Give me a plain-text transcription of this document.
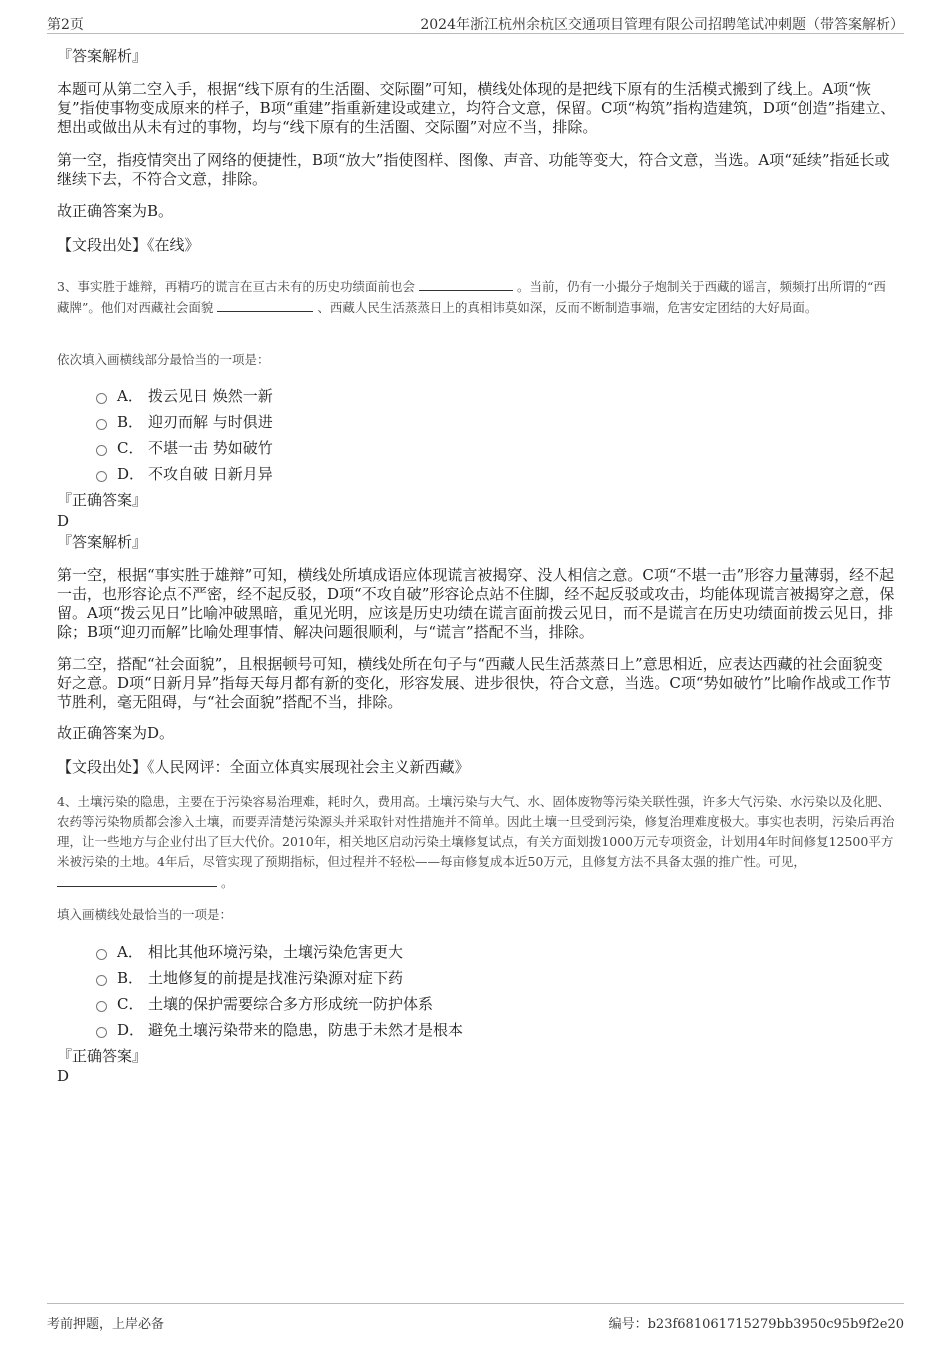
第2页	2024年浙江杭州余杭区交通项目管理有限公司招聘笔试冲刺题（带答案解析）
『答案解析』
本题可从第二空入手，根据“线下原有的生活圈、交际圈”可知，横线处体现的是把线下原有的生活模式搬到了线上。A项“恢复”指使事物变成原来的样子，B项“重建”指重新建设或建立，均符合文意，保留。C项“构筑”指构造建筑，D项“创造”指建立、想出或做出从未有过的事物，均与“线下原有的生活圈、交际圈”对应不当，排除。
第一空，指疫情突出了网络的便捷性，B项“放大”指使图样、图像、声音、功能等变大，符合文意，当选。A项“延续”指延长或继续下去，不符合文意，排除。
故正确答案为B。
【文段出处】《在线》
3、事实胜于雄辩，再精巧的谎言在亘古未有的历史功绩面前也会	。当前，仍有一小撮分子炮制关于西藏的谣言，频频打出所谓的“西藏牌”。他们对西藏社会面貌	、西藏人民生活蒸蒸日上的真相讳莫如深，反而不断制造事端，危害安定团结的大好局面。
依次填入画横线部分最恰当的一项是：
A． 拨云见日 焕然一新
B． 迎刃而解 与时俱进
C． 不堪一击 势如破竹
D． 不攻自破 日新月异
『正确答案』
D
『答案解析』
第一空，根据“事实胜于雄辩”可知，横线处所填成语应体现谎言被揭穿、没人相信之意。C项“不堪一击”形容力量薄弱，经不起一击，也形容论点不严密，经不起反驳，D项“不攻自破”形容论点站不住脚，经不起反驳或攻击，均能体现谎言被揭穿之意，保留。A项“拨云见日”比喻冲破黑暗，重见光明，应该是历史功绩在谎言面前拨云见日，而不是谎言在历史功绩面前拨云见日，排除；B项“迎刃而解”比喻处理事情、解决问题很顺利，与“谎言”搭配不当，排除。
第二空，搭配“社会面貌”，且根据顿号可知，横线处所在句子与“西藏人民生活蒸蒸日上”意思相近，应表达西藏的社会面貌变好之意。D项“日新月异”指每天每月都有新的变化，形容发展、进步很快，符合文意，当选。C项“势如破竹”比喻作战或工作节节胜利，毫无阻碍，与“社会面貌”搭配不当，排除。
故正确答案为D。
【文段出处】《人民网评：全面立体真实展现社会主义新西藏》
4、土壤污染的隐患，主要在于污染容易治理难，耗时久，费用高。土壤污染与大气、水、固体废物等污染关联性强，许多大气污染、水污染以及化肥、农药等污染物质都会渗入土壤，而要弄清楚污染源头并采取针对性措施并不简单。因此土壤一旦受到污染，修复治理难度极大。事实也表明，污染后再治理，让一些地方与企业付出了巨大代价。2010年，相关地区启动污染土壤修复试点，有关方面划拨1000万元专项资金，计划用4年时间修复12500平方米被污染的土地。4年后，尽管实现了预期指标，但过程并不轻松——每亩修复成本近50万元，且修复方法不具备太强的推广性。可见，  。
填入画横线处最恰当的一项是：
A． 相比其他环境污染，土壤污染危害更大
B． 土地修复的前提是找准污染源对症下药
C． 土壤的保护需要综合多方形成统一防护体系
D． 避免土壤污染带来的隐患，防患于未然才是根本
『正确答案』
D
考前押题，上岸必备	编号：b23f681061715279bb3950c95b9f2e20
